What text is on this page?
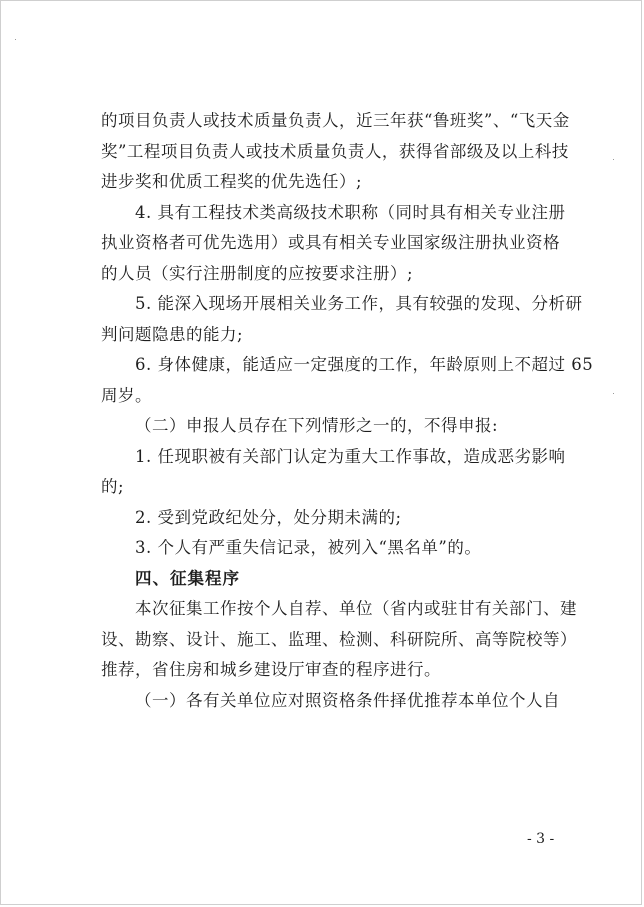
的项目负责人或技术质量负责人，近三年获“鲁班奖”、“飞天金
奖”工程项目负责人或技术质量负责人，获得省部级及以上科技
进步奖和优质工程奖的优先选任）;
4. 具有工程技术类高级技术职称（同时具有相关专业注册
执业资格者可优先选用）或具有相关专业国家级注册执业资格
的人员（实行注册制度的应按要求注册）;
5. 能深入现场开展相关业务工作，具有较强的发现、分析研
判问题隐患的能力;
6. 身体健康，能适应一定强度的工作，年龄原则上不超过 65
周岁。
（二）申报人员存在下列情形之一的，不得申报:
1. 任现职被有关部门认定为重大工作事故，造成恶劣影响
的;
2. 受到党政纪处分，处分期未满的;
3. 个人有严重失信记录，被列入“黑名单”的。
四、征集程序
本次征集工作按个人自荐、单位（省内或驻甘有关部门、建
设、勘察、设计、施工、监理、检测、科研院所、高等院校等）
推荐，省住房和城乡建设厅审查的程序进行。
（一）各有关单位应对照资格条件择优推荐本单位个人自
- 3 -
